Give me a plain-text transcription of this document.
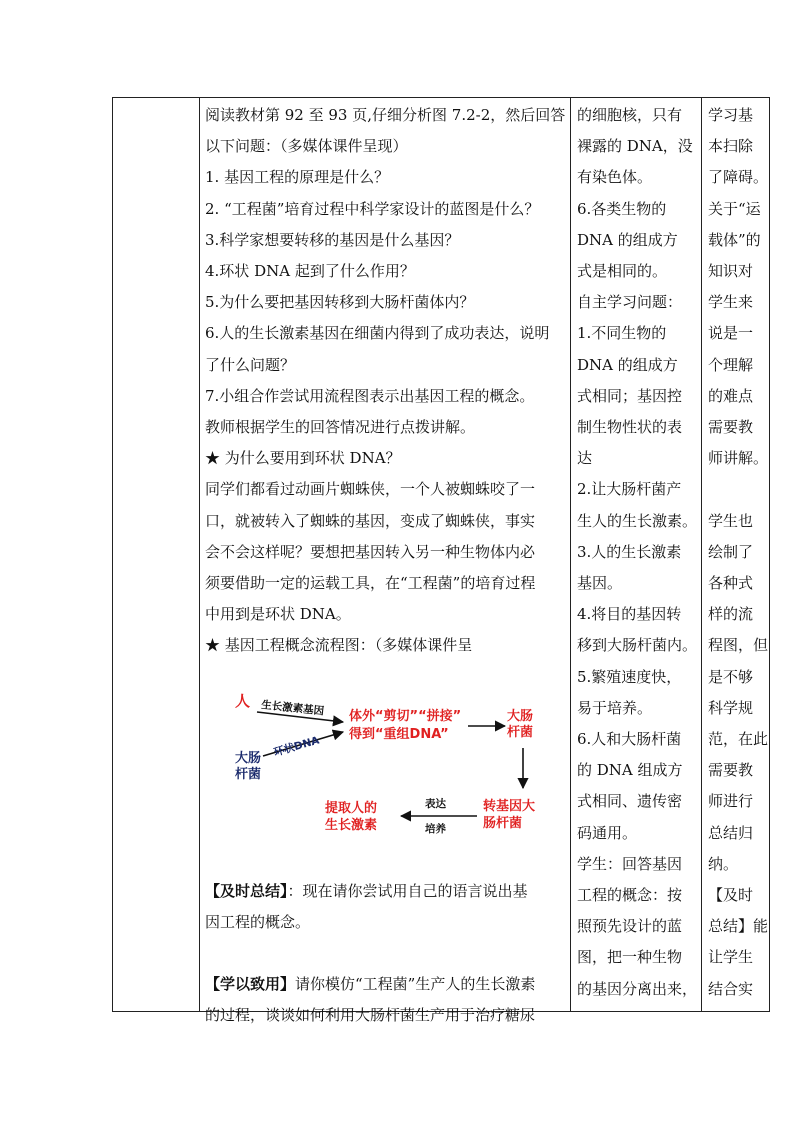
阅读教材第 92 至 93 页,仔细分析图 7.2-2，然后回答

以下问题：（多媒体课件呈现）

1. 基因工程的原理是什么？

2. “工程菌”培育过程中科学家设计的蓝图是什么？

3.科学家想要转移的基因是什么基因？

4.环状 DNA 起到了什么作用？

5.为什么要把基因转移到大肠杆菌体内？

6.人的生长激素基因在细菌内得到了成功表达，说明

了什么问题？

7.小组合作尝试用流程图表示出基因工程的概念。

教师根据学生的回答情况进行点拨讲解。

★ 为什么要用到环状 DNA？

同学们都看过动画片蜘蛛侠，一个人被蜘蛛咬了一

口，就被转入了蜘蛛的基因，变成了蜘蛛侠，事实

会不会这样呢？要想把基因转入另一种生物体内必

须要借助一定的运载工具，在“工程菌”的培育过程

中用到是环状 DNA。

★ 基因工程概念流程图：（多媒体课件呈

人 生长激素基因
大肠
杆菌
环状DNA
体外“剪切”“拼接”
得到“重组DNA”
大肠
杆菌
转基因大
肠杆菌
表达
培养
提取人的
生长激素

【及时总结】：现在请你尝试用自己的语言说出基

因工程的概念。

【学以致用】请你模仿“工程菌”生产人的生长激素

的过程，谈谈如何利用大肠杆菌生产用于治疗糖尿

的细胞核，只有

裸露的 DNA，没

有染色体。

6.各类生物的

DNA 的组成方

式是相同的。

自主学习问题：

1.不同生物的

DNA 的组成方

式相同；基因控

制生物性状的表

达

2.让大肠杆菌产

生人的生长激素。

3.人的生长激素

基因。

4.将目的基因转

移到大肠杆菌内。

5.繁殖速度快，

易于培养。

6.人和大肠杆菌

的 DNA 组成方

式相同、遗传密

码通用。

学生：回答基因

工程的概念：按

照预先设计的蓝

图，把一种生物

的基因分离出来，

学习基

本扫除

了障碍。

关于“运

载体”的

知识对

学生来

说是一

个理解

的难点

需要教

师讲解。

学生也

绘制了

各种式

样的流

程图，但

是不够

科学规

范，在此

需要教

师进行

总结归

纳。

【及时

总结】能

让学生

结合实
